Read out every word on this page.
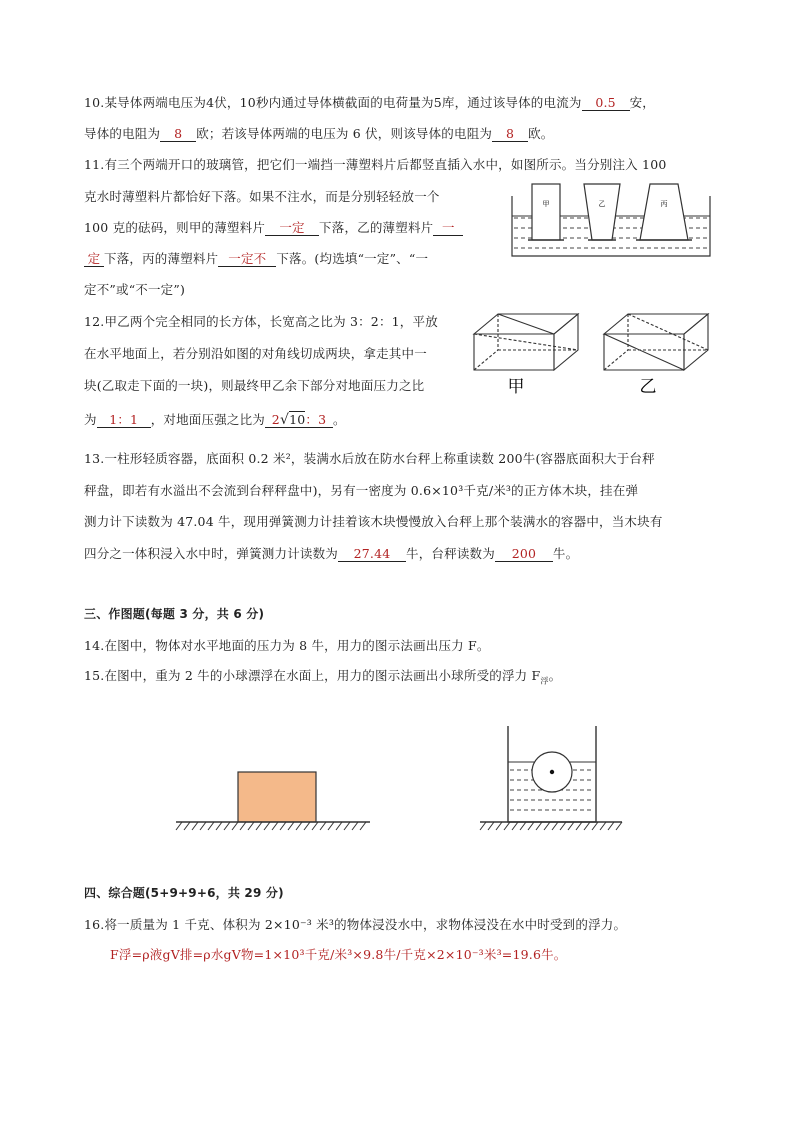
10.某导体两端电压为4伏，10秒内通过导体横截面的电荷量为5库，通过该导体的电流为 0.5 安，
导体的电阻为 8 欧；若该导体两端的电压为 6 伏，则该导体的电阻为 8 欧。
11.有三个两端开口的玻璃管，把它们一端挡一薄塑料片后都竖直插入水中，如图所示。当分别注入 100
克水时薄塑料片都恰好下落。如果不注水，而是分别轻轻放一个
100 克的砝码，则甲的薄塑料片 一定 下落，乙的薄塑料片 一
定 下落，丙的薄塑料片 一定不 下落。(均选填“一定”、“一
定不”或“不一定”)
甲	乙	丙
12.甲乙两个完全相同的长方体，长宽高之比为 3：2：1，平放
在水平地面上，若分别沿如图的对角线切成两块，拿走其中一
块(乙取走下面的一块)，则最终甲乙余下部分对地面压力之比
为 1：1 ，对地面压强之比为 2√10：3 。
甲	乙
13.一柱形轻质容器，底面积 0.2 米²，装满水后放在防水台秤上称重读数 200牛(容器底面积大于台秤
秤盘，即若有水溢出不会流到台秤秤盘中)，另有一密度为 0.6×10³千克/米³的正方体木块，挂在弹
测力计下读数为 47.04 牛，现用弹簧测力计挂着该木块慢慢放入台秤上那个装满水的容器中，当木块有
四分之一体积浸入水中时，弹簧测力计读数为 27.44 牛，台秤读数为 200 牛。
三、作图题(每题 3 分，共 6 分)
14.在图中，物体对水平地面的压力为 8 牛，用力的图示法画出压力 F。
15.在图中，重为 2 牛的小球漂浮在水面上，用力的图示法画出小球所受的浮力 $F_浮$。
四、综合题(5+9+9+6，共 29 分)
16.将一质量为 1 千克、体积为 2×10⁻³ 米³的物体浸没水中，求物体浸没在水中时受到的浮力。
F浮=ρ液gV排=ρ水gV物=1×10³千克/米³×9.8牛/千克×2×10⁻³米³=19.6牛。
